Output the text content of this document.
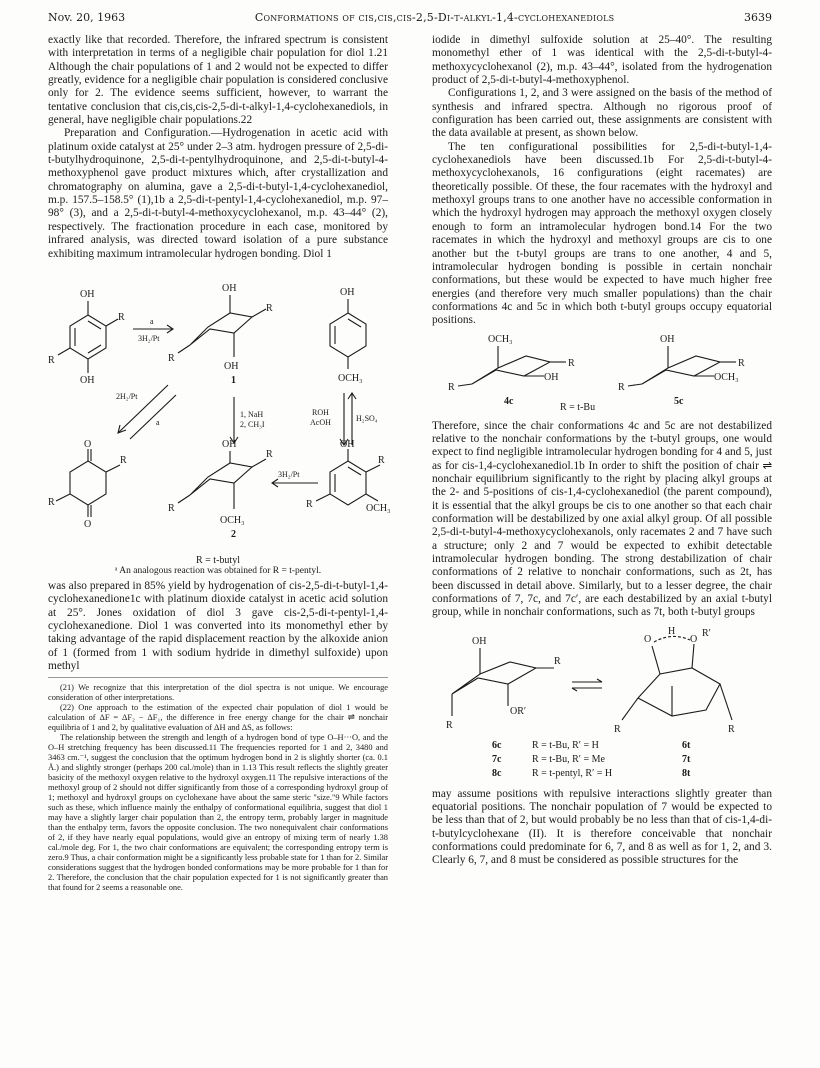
Nov. 20, 1963	Conformations of cis,cis,cis-2,5-Di-t-alkyl-1,4-cyclohexanediols	3639

exactly like that recorded. Therefore, the infrared spectrum is consistent with interpretation in terms of a negligible chair population for diol 1.21 Although the chair populations of 1 and 2 would not be expected to differ greatly, evidence for a negligible chair population is considered conclusive only for 2. The evidence seems sufficient, however, to warrant the tentative conclusion that cis,cis,cis-2,5-di-t-alkyl-1,4-cyclohexanediols, in general, have negligible chair populations.22

Preparation and Configuration.—Hydrogenation in acetic acid with platinum oxide catalyst at 25° under 2–3 atm. hydrogen pressure of 2,5-di-t-butylhydroquinone, 2,5-di-t-pentylhydroquinone, and 2,5-di-t-butyl-4-methoxyphenol gave product mixtures which, after crystallization and chromatography on alumina, gave a 2,5-di-t-butyl-1,4-cyclohexanediol, m.p. 157.5–158.5° (1),1b a 2,5-di-t-pentyl-1,4-cyclohexanediol, m.p. 97–98° (3), and a 2,5-di-t-butyl-4-methoxycyclohexanol, m.p. 43–44° (2), respectively. The fractionation procedure in each case, monitored by infrared analysis, was directed toward isolation of a pure substance exhibiting maximum intramolecular hydrogen bonding. Diol 1

OH
R
R
OH
a
3H₂/Pt
OH
R
R
OH
1
OH
OCH₃
2H₂/Pt
a
1, NaH
2, CH₃I
ROH
AcOH	H₂SO₄
O
R
R
O
OH
R
R
OCH₃
2
3H₂/Pt
OH
R
R	OCH₃

R = t-butyl

ᵃ An analogous reaction was obtained for R = t-pentyl.

was also prepared in 85% yield by hydrogenation of cis-2,5-di-t-butyl-1,4-cyclohexanedione1c with platinum dioxide catalyst in acetic acid solution at 25°. Jones oxidation of diol 3 gave cis-2,5-di-t-pentyl-1,4-cyclohexanedione. Diol 1 was converted into its monomethyl ether by taking advantage of the rapid displacement reaction by the alkoxide anion of 1 (formed from 1 with sodium hydride in dimethyl sulfoxide) upon methyl

(21) We recognize that this interpretation of the diol spectra is not unique. We encourage consideration of other interpretations.

(22) One approach to the estimation of the expected chair population of diol 1 would be calculation of ΔF = ΔF₂ − ΔF₁, the difference in free energy change for the chair ⇌ nonchair equilibria of 1 and 2, by qualitative evaluation of ΔH and ΔS, as follows:

The relationship between the strength and length of a hydrogen bond of type O–H···O, and the O–H stretching frequency has been discussed.11 The frequencies reported for 1 and 2, 3480 and 3463 cm.⁻¹, suggest the conclusion that the optimum hydrogen bond in 2 is slightly shorter (ca. 0.1 Å.) and slightly stronger (perhaps 200 cal./mole) than in 1.13 This result reflects the slightly greater basicity of the methoxyl oxygen relative to the hydroxyl oxygen.11 The repulsive interactions of the methoxyl group of 2 should not differ significantly from those of a corresponding hydroxyl group of 1; methoxyl and hydroxyl groups on cyclohexane have about the same steric "size."9 While factors such as these, which influence mainly the enthalpy of conformational equilibria, suggest that diol 1 may have a slightly larger chair population than 2, the entropy term, probably larger in magnitude than the enthalpy term, favors the opposite conclusion. The two nonequivalent chair conformations of 2, if they have nearly equal populations, would give an entropy of mixing term of nearly 1.38 cal./mole deg. For 1, the two chair conformations are equivalent; the corresponding entropy term is zero.9 Thus, a chair conformation might be a significantly less probable state for 1 than for 2. Similar considerations suggest that the hydrogen bonded conformations may be more probable for 1 than for 2. Therefore, the conclusion that the chair population expected for 1 is not significantly greater than that found for 2 seems a reasonable one.

iodide in dimethyl sulfoxide solution at 25–40°. The resulting monomethyl ether of 1 was identical with the 2,5-di-t-butyl-4-methoxycyclohexanol (2), m.p. 43–44°, isolated from the hydrogenation product of 2,5-di-t-butyl-4-methoxyphenol.

Configurations 1, 2, and 3 were assigned on the basis of the method of synthesis and infrared spectra. Although no rigorous proof of configuration has been carried out, these assignments are consistent with the data available at present, as shown below.

The ten configurational possibilities for 2,5-di-t-butyl-1,4-cyclohexanediols have been discussed.1b For 2,5-di-t-butyl-4-methoxycyclohexanols, 16 configurations (eight racemates) are theoretically possible. Of these, the four racemates with the hydroxyl and methoxyl groups trans to one another have no accessible conformation in which the hydroxyl hydrogen may approach the methoxyl oxygen closely enough to form an intramolecular hydrogen bond.14 For the two racemates in which the hydroxyl and methoxyl groups are cis to one another but the t-butyl groups are trans to one another, 4 and 5, intramolecular hydrogen bonding is possible in certain nonchair conformations, but these would be expected to have much higher free energies (and therefore very much smaller populations) than the chair conformations 4c and 5c in which both t-butyl groups occupy equatorial positions.

OCH₃
R
OH
R
OH
R
OCH₃
R
4c
R = t-Bu
5c

Therefore, since the chair conformations 4c and 5c are not destabilized relative to the nonchair conformations by the t-butyl groups, one would expect to find negligible intramolecular hydrogen bonding for 4 and 5, just as for cis-1,4-cyclohexanediol.1b In order to shift the position of chair ⇌ nonchair equilibrium significantly to the right by placing alkyl groups at the 2- and 5-positions of cis-1,4-cyclohexanediol (the parent compound), it is essential that the alkyl groups be cis to one another so that each chair conformation will be destabilized by one axial alkyl group. Of all possible 2,5-di-t-butyl-4-methoxycyclohexanols, only racemates 2 and 7 have such a structure; only 2 and 7 would be expected to exhibit detectable intramolecular hydrogen bonding. The strong destabilization of chair conformations of 2 relative to nonchair conformations, such as 2t, has been discussed in detail above. Similarly, but to a lesser degree, the chair conformations of 7, 7c, and 7c′, are each destabilized by an axial t-butyl group, while in nonchair conformations, such as 7t, both t-butyl groups

OH
R
OR′
R
O
H
O
R′
R	R
6c	R = t-Bu, R′ = H	6t
7c	R = t-Bu, R′ = Me	7t
8c	R = t-pentyl, R′ = H	8t

may assume positions with repulsive interactions slightly greater than equatorial positions. The nonchair population of 7 would be expected to be less than that of 2, but would probably be no less than that of cis-1,4-di-t-butylcyclohexane (II). It is therefore conceivable that nonchair conformations could predominate for 6, 7, and 8 as well as for 1, 2, and 3. Clearly 6, 7, and 8 must be considered as possible structures for the
